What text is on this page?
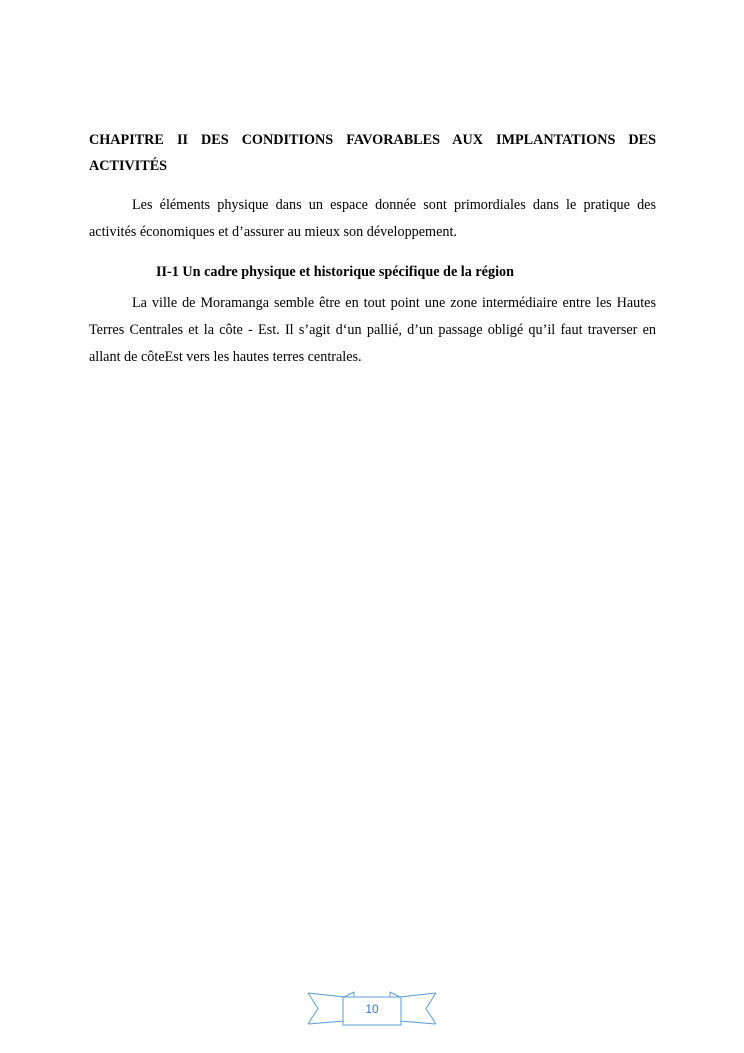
CHAPITRE II DES CONDITIONS FAVORABLES AUX IMPLANTATIONS DES ACTIVITÉS

Les éléments physique dans un espace donnée sont primordiales dans le pratique des activités économiques et d’assurer au mieux son développement.

II-1 Un cadre physique et historique spécifique de la région

La ville de Moramanga semble être en tout point une zone intermédiaire entre les Hautes Terres Centrales et la côte - Est. Il s’agit d‘un pallié, d’un passage obligé qu’il faut traverser en allant de côteEst vers les hautes terres centrales.

10
